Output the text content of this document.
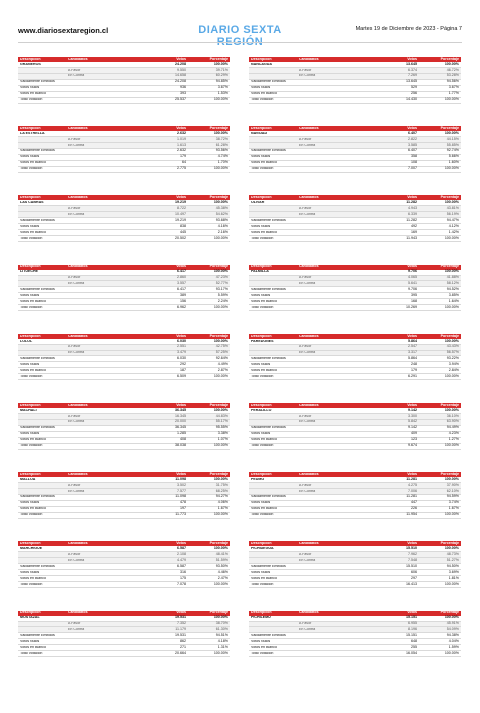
www.diariosextaregion.cl	DIARIO SEXTA REGIÓN
Martes 19 de Diciembre de 2023 - Página 7
Descripción	Candidatos	Votos	Porcentaje
GRANEROS	24.208	100.00%
A Favor	9.550	39.71%
En Contra	14.658	60.29%
Válidamente Emitidos	24.208	94.85%
Votos Nulos	936	3.67%
Votos en Blanco	393	1.53%
Total Votación	25.537	100.00%
Descripción	Candidatos	Votos	Porcentaje
NANCAGUA	13.645	100.00%
A Favor	6.374	46.72%
En Contra	7.269	53.28%
Válidamente Emitidos	13.645	94.56%
Votos Nulos	529	3.67%
Votos en Blanco	256	1.77%
Total Votación	14.430	100.00%
Descripción	Candidatos	Votos	Porcentaje
LA ESTRELLA	2.632	100.00%
A Favor	1.019	38.72%
En Contra	1.613	61.28%
Válidamente Emitidos	2.632	93.56%
Votos Nulos	179	4.74%
Votos en Blanco	64	1.70%
Total Votación	2.775	100.00%
Descripción	Candidatos	Votos	Porcentaje
NAVIDAD	6.407	100.00%
A Favor	2.822	44.15%
En Contra	3.585	55.85%
Válidamente Emitidos	6.407	92.74%
Votos Nulos	358	5.66%
Votos en Blanco	108	1.60%
Total Votación	7.007	100.00%
Descripción	Candidatos	Votos	Porcentaje
LAS CABRAS	19.219	100.00%
A Favor	8.722	45.38%
En Contra	10.497	54.62%
Válidamente Emitidos	19.219	93.68%
Votos Nulos	838	4.16%
Votos en Blanco	445	2.16%
Total Votación	20.502	100.00%
Descripción	Candidatos	Votos	Porcentaje
OLIVAR	11.282	100.00%
A Favor	4.943	43.81%
En Contra	6.339	56.19%
Válidamente Emitidos	11.282	94.47%
Votos Nulos	492	4.12%
Votos en Blanco	169	1.42%
Total Votación	11.943	100.00%
Descripción	Candidatos	Votos	Porcentaje
LITUECHE	6.417	100.00%
A Favor	2.860	47.23%
En Contra	3.557	52.77%
Válidamente Emitidos	6.417	93.17%
Votos Nulos	389	5.59%
Votos en Blanco	156	2.24%
Total Votación	6.962	100.00%
Descripción	Candidatos	Votos	Porcentaje
PALMILLA	9.706	100.00%
A Favor	4.065	41.88%
En Contra	5.641	58.12%
Válidamente Emitidos	9.706	94.52%
Votos Nulos	395	3.85%
Votos en Blanco	168	1.64%
Total Votación	10.269	100.00%
Descripción	Candidatos	Votos	Porcentaje
LOLOL	6.030	100.00%
A Favor	2.551	42.75%
En Contra	3.479	57.25%
Válidamente Emitidos	6.030	92.64%
Votos Nulos	292	4.49%
Votos en Blanco	187	2.87%
Total Votación	6.509	100.00%
Descripción	Candidatos	Votos	Porcentaje
PAREDONES	5.864	100.00%
A Favor	2.547	43.43%
En Contra	3.317	56.57%
Válidamente Emitidos	5.864	93.22%
Votos Nulos	248	3.94%
Votos en Blanco	179	2.84%
Total Votación	6.291	100.00%
Descripción	Candidatos	Votos	Porcentaje
MACHALÍ	36.345	100.00%
A Favor	16.345	44.83%
En Contra	20.000	55.17%
Válidamente Emitidos	36.345	95.55%
Votos Nulos	1.285	3.38%
Votos en Blanco	408	1.07%
Total Votación	38.038	100.00%
Descripción	Candidatos	Votos	Porcentaje
PERALILLO	9.142	100.00%
A Favor	3.300	36.10%
En Contra	5.842	63.90%
Válidamente Emitidos	9.142	94.49%
Votos Nulos	409	4.23%
Votos en Blanco	123	1.27%
Total Votación	9.674	100.00%
Descripción	Candidatos	Votos	Porcentaje
MALLOA	11.098	100.00%
A Favor	3.502	31.75%
En Contra	7.577	68.25%
Válidamente Emitidos	11.098	94.27%
Votos Nulos	478	4.06%
Votos en Blanco	197	1.67%
Total Votación	11.773	100.00%
Descripción	Candidatos	Votos	Porcentaje
PEUMO	11.281	100.00%
A Favor	4.275	37.90%
En Contra	7.006	62.10%
Válidamente Emitidos	11.281	94.59%
Votos Nulos	447	3.74%
Votos en Blanco	226	1.67%
Total Votación	11.954	100.00%
Descripción	Candidatos	Votos	Porcentaje
MARCHIGÜE	6.587	100.00%
A Favor	2.108	48.41%
En Contra	4.479	51.59%
Válidamente Emitidos	6.587	93.50%
Votos Nulos	316	4.46%
Votos en Blanco	175	2.47%
Total Votación	7.078	100.00%
Descripción	Candidatos	Votos	Porcentaje
PICHIDEGUA	15.510	100.00%
A Favor	7.962	48.73%
En Contra	7.548	51.27%
Válidamente Emitidos	15.510	94.50%
Votos Nulos	606	3.69%
Votos en Blanco	297	1.81%
Total Votación	16.413	100.00%
Descripción	Candidatos	Votos	Porcentaje
MOSTAZAL	19.531	100.00%
A Favor	7.352	38.70%
En Contra	11.179	61.30%
Válidamente Emitidos	19.531	94.51%
Votos Nulos	862	4.18%
Votos en Blanco	271	1.31%
Total Votación	20.664	100.00%
Descripción	Candidatos	Votos	Porcentaje
PICHILEMU	15.151	100.00%
A Favor	6.955	45.91%
En Contra	8.196	54.09%
Válidamente Emitidos	15.151	94.38%
Votos Nulos	648	4.04%
Votos en Blanco	255	1.59%
Total Votación	16.054	100.00%
